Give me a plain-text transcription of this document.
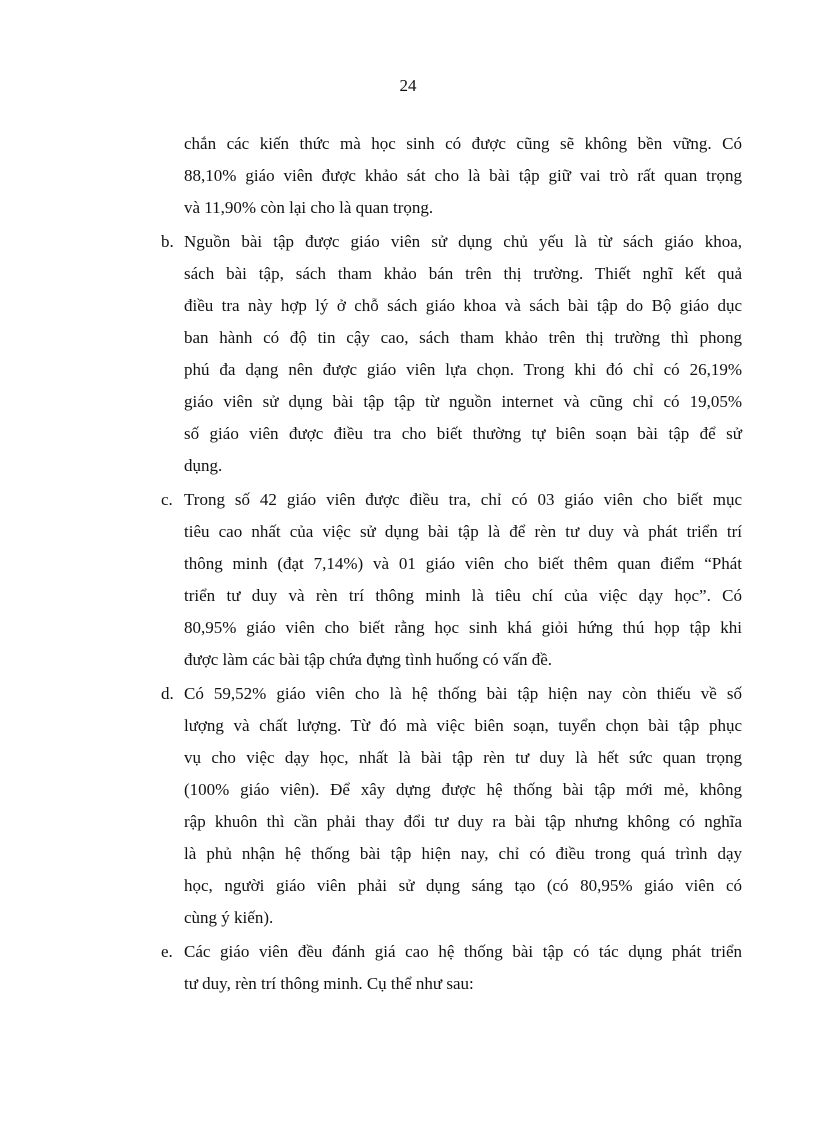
24
chắn các kiến thức mà học sinh có được cũng sẽ không bền vững. Có
88,10% giáo viên được khảo sát cho là bài tập giữ vai trò rất quan trọng
và 11,90% còn lại cho là quan trọng.
b. Nguồn bài tập được giáo viên sử dụng chủ yếu là từ sách giáo khoa,
sách bài tập, sách tham khảo bán trên thị trường. Thiết nghĩ kết quả
điều tra này hợp lý ở chỗ sách giáo khoa và sách bài tập do Bộ giáo dục
ban hành có độ tin cậy cao, sách tham khảo trên thị trường thì phong
phú đa dạng nên được giáo viên lựa chọn. Trong khi đó chỉ có 26,19%
giáo viên sử dụng bài tập tập từ nguồn internet và cũng chỉ có 19,05%
số giáo viên được điều tra cho biết thường tự biên soạn bài tập để sử
dụng.
c. Trong số 42 giáo viên được điều tra, chỉ có 03 giáo viên cho biết mục
tiêu cao nhất của việc sử dụng bài tập là để rèn tư duy và phát triển trí
thông minh (đạt 7,14%) và 01 giáo viên cho biết thêm quan điểm “Phát
triển tư duy và rèn trí thông minh là tiêu chí của việc dạy học”. Có
80,95% giáo viên cho biết rằng học sinh khá giỏi hứng thú họp tập khi
được làm các bài tập chứa đựng tình huống có vấn đề.
d. Có 59,52% giáo viên cho là hệ thống bài tập hiện nay còn thiếu về số
lượng và chất lượng. Từ đó mà việc biên soạn, tuyển chọn bài tập phục
vụ cho việc dạy học, nhất là bài tập rèn tư duy là hết sức quan trọng
(100% giáo viên). Để xây dựng được hệ thống bài tập mới mẻ, không
rập khuôn thì cần phải thay đổi tư duy ra bài tập nhưng không có nghĩa
là phủ nhận hệ thống bài tập hiện nay, chỉ có điều trong quá trình dạy
học, người giáo viên phải sử dụng sáng tạo (có 80,95% giáo viên có
cùng ý kiến).
e. Các giáo viên đều đánh giá cao hệ thống bài tập có tác dụng phát triển
tư duy, rèn trí thông minh. Cụ thể như sau:
